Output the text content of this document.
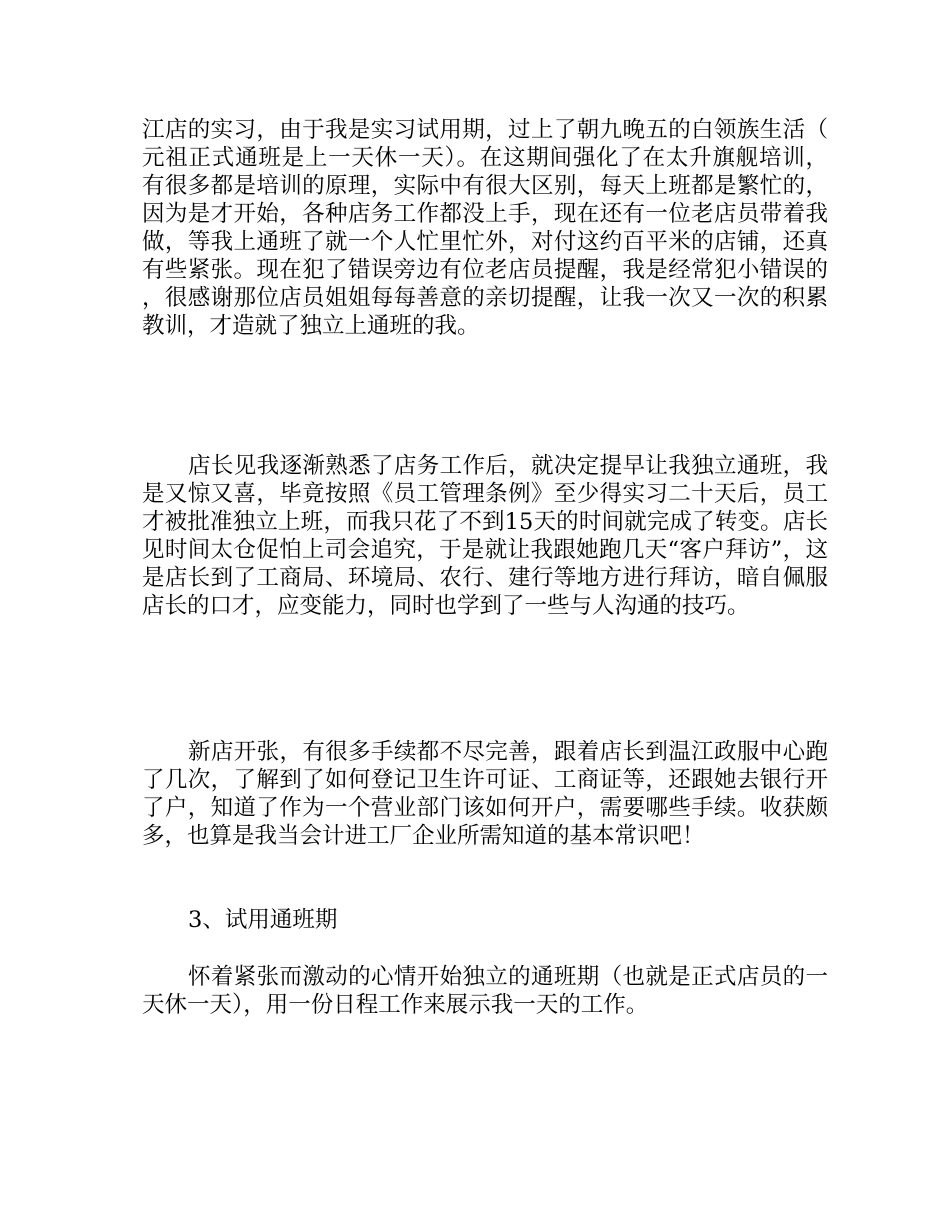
江店的实习，由于我是实习试用期，过上了朝九晚五的白领族生活（元祖正式通班是上一天休一天）。在这期间强化了在太升旗舰培训，有很多都是培训的原理，实际中有很大区别，每天上班都是繁忙的，因为是才开始，各种店务工作都没上手，现在还有一位老店员带着我做，等我上通班了就一个人忙里忙外，对付这约百平米的店铺，还真有些紧张。现在犯了错误旁边有位老店员提醒，我是经常犯小错误的，很感谢那位店员姐姐每每善意的亲切提醒，让我一次又一次的积累教训，才造就了独立上通班的我。

店长见我逐渐熟悉了店务工作后，就决定提早让我独立通班，我是又惊又喜，毕竟按照《员工管理条例》至少得实习二十天后，员工才被批准独立上班，而我只花了不到15天的时间就完成了转变。店长见时间太仓促怕上司会追究，于是就让我跟她跑几天“客户拜访”，这是店长到了工商局、环境局、农行、建行等地方进行拜访，暗自佩服店长的口才，应变能力，同时也学到了一些与人沟通的技巧。

新店开张，有很多手续都不尽完善，跟着店长到温江政服中心跑了几次，了解到了如何登记卫生许可证、工商证等，还跟她去银行开了户，知道了作为一个营业部门该如何开户，需要哪些手续。收获颇多，也算是我当会计进工厂企业所需知道的基本常识吧！

3、试用通班期

怀着紧张而激动的心情开始独立的通班期（也就是正式店员的一天休一天），用一份日程工作来展示我一天的工作。
